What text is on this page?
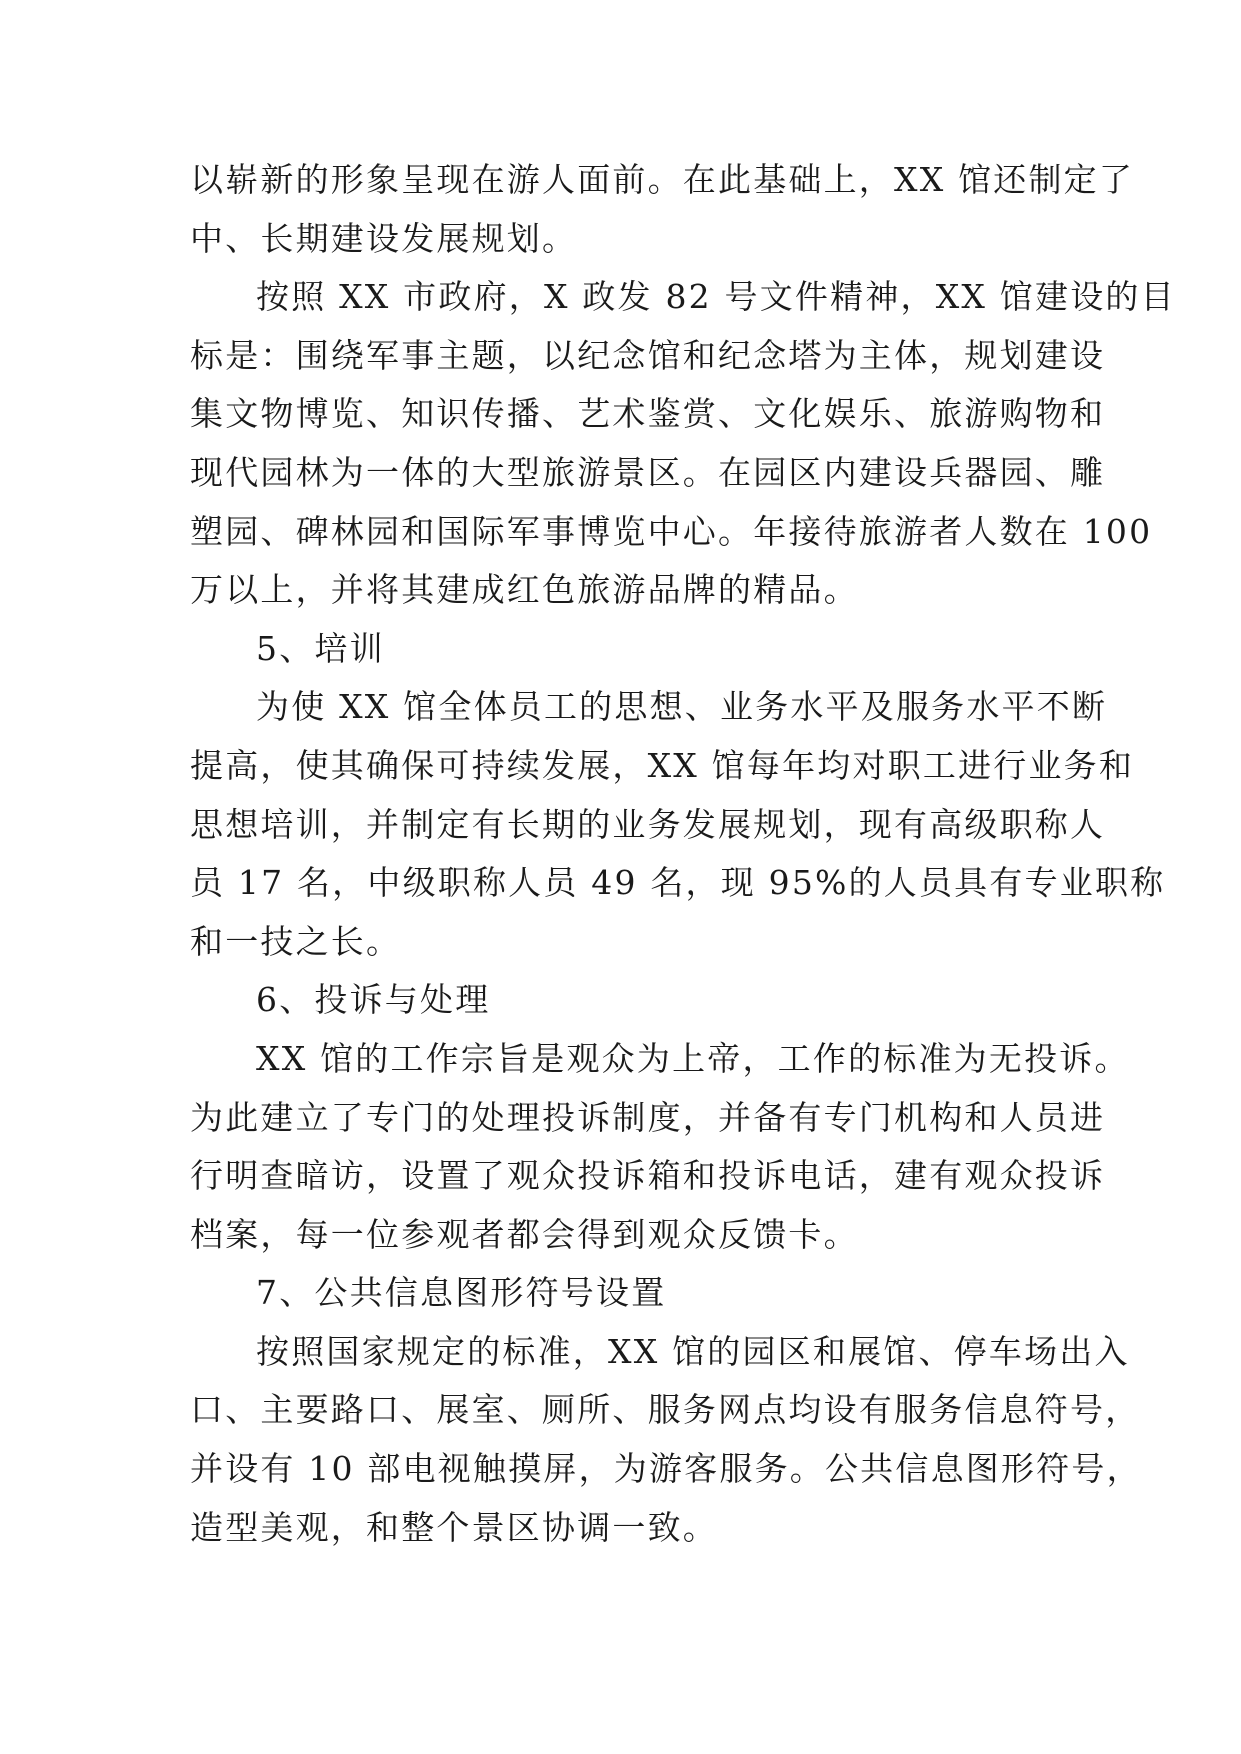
以崭新的形象呈现在游人面前。在此基础上，XX 馆还制定了
中、长期建设发展规划。
按照 XX 市政府，X 政发 82 号文件精神，XX 馆建设的目
标是：围绕军事主题，以纪念馆和纪念塔为主体，规划建设
集文物博览、知识传播、艺术鉴赏、文化娱乐、旅游购物和
现代园林为一体的大型旅游景区。在园区内建设兵器园、雕
塑园、碑林园和国际军事博览中心。年接待旅游者人数在 100
万以上，并将其建成红色旅游品牌的精品。
5、培训
为使 XX 馆全体员工的思想、业务水平及服务水平不断
提高，使其确保可持续发展，XX 馆每年均对职工进行业务和
思想培训，并制定有长期的业务发展规划，现有高级职称人
员 17 名，中级职称人员 49 名，现 95%的人员具有专业职称
和一技之长。
6、投诉与处理
XX 馆的工作宗旨是观众为上帝，工作的标准为无投诉。
为此建立了专门的处理投诉制度，并备有专门机构和人员进
行明查暗访，设置了观众投诉箱和投诉电话，建有观众投诉
档案，每一位参观者都会得到观众反馈卡。
7、公共信息图形符号设置
按照国家规定的标准，XX 馆的园区和展馆、停车场出入
口、主要路口、展室、厕所、服务网点均设有服务信息符号，
并设有 10 部电视触摸屏，为游客服务。公共信息图形符号，
造型美观，和整个景区协调一致。
